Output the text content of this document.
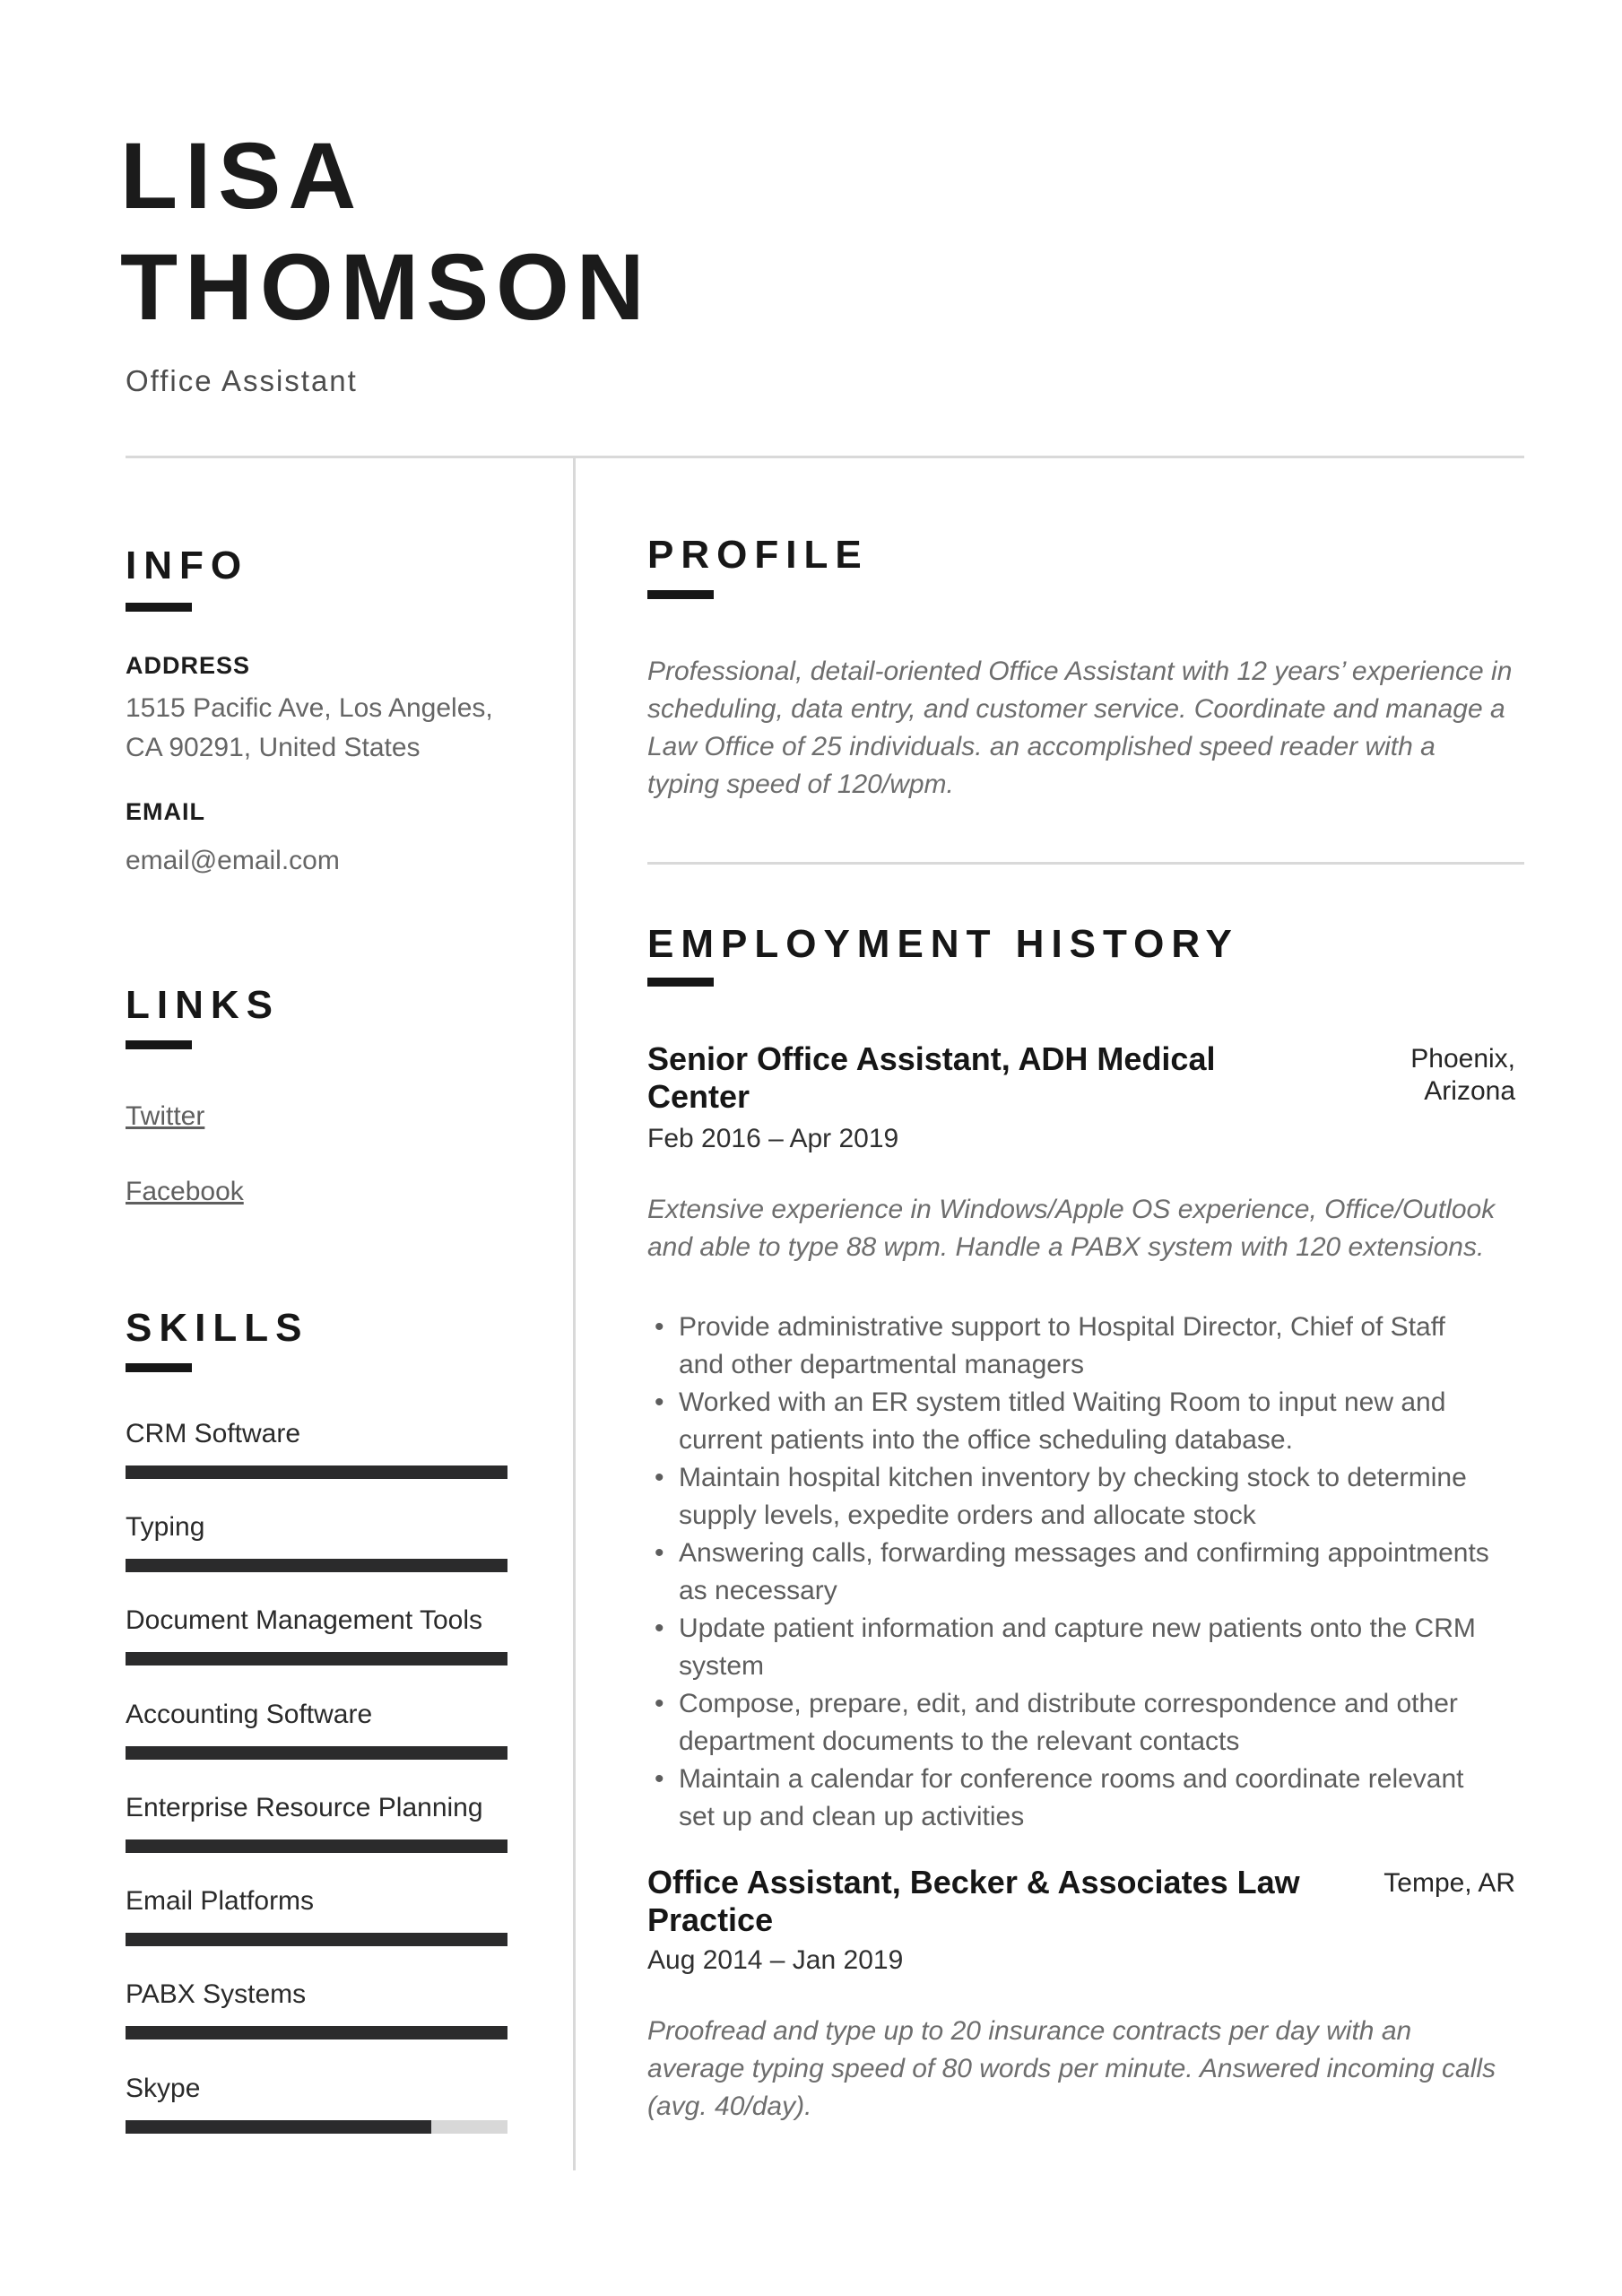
LISA THOMSON
Office Assistant
INFO
ADDRESS
1515 Pacific Ave, Los Angeles,
CA 90291, United States
EMAIL
email@email.com
LINKS
Twitter
Facebook
SKILLS
CRM Software
Typing
Document Management Tools
Accounting Software
Enterprise Resource Planning
Email Platforms
PABX Systems
Skype
PROFILE
Professional, detail-oriented Office Assistant with 12 years’ experience in scheduling, data entry, and customer service. Coordinate and manage a Law Office of 25 individuals. an accomplished speed reader with a typing speed of 120/wpm.
EMPLOYMENT HISTORY
Senior Office Assistant, ADH Medical Center
Phoenix, Arizona
Feb 2016 – Apr 2019
Extensive experience in Windows/Apple OS experience, Office/Outlook and able to type 88 wpm. Handle a PABX system with 120 extensions.
• Provide administrative support to Hospital Director, Chief of Staff and other departmental managers
• Worked with an ER system titled Waiting Room to input new and current patients into the office scheduling database.
• Maintain hospital kitchen inventory by checking stock to determine supply levels, expedite orders and allocate stock
• Answering calls, forwarding messages and confirming appointments as necessary
• Update patient information and capture new patients onto the CRM system
• Compose, prepare, edit, and distribute correspondence and other department documents to the relevant contacts
• Maintain a calendar for conference rooms and coordinate relevant set up and clean up activities
Office Assistant, Becker & Associates Law Practice
Tempe, AR
Aug 2014 – Jan 2019
Proofread and type up to 20 insurance contracts per day with an average typing speed of 80 words per minute. Answered incoming calls (avg. 40/day).
